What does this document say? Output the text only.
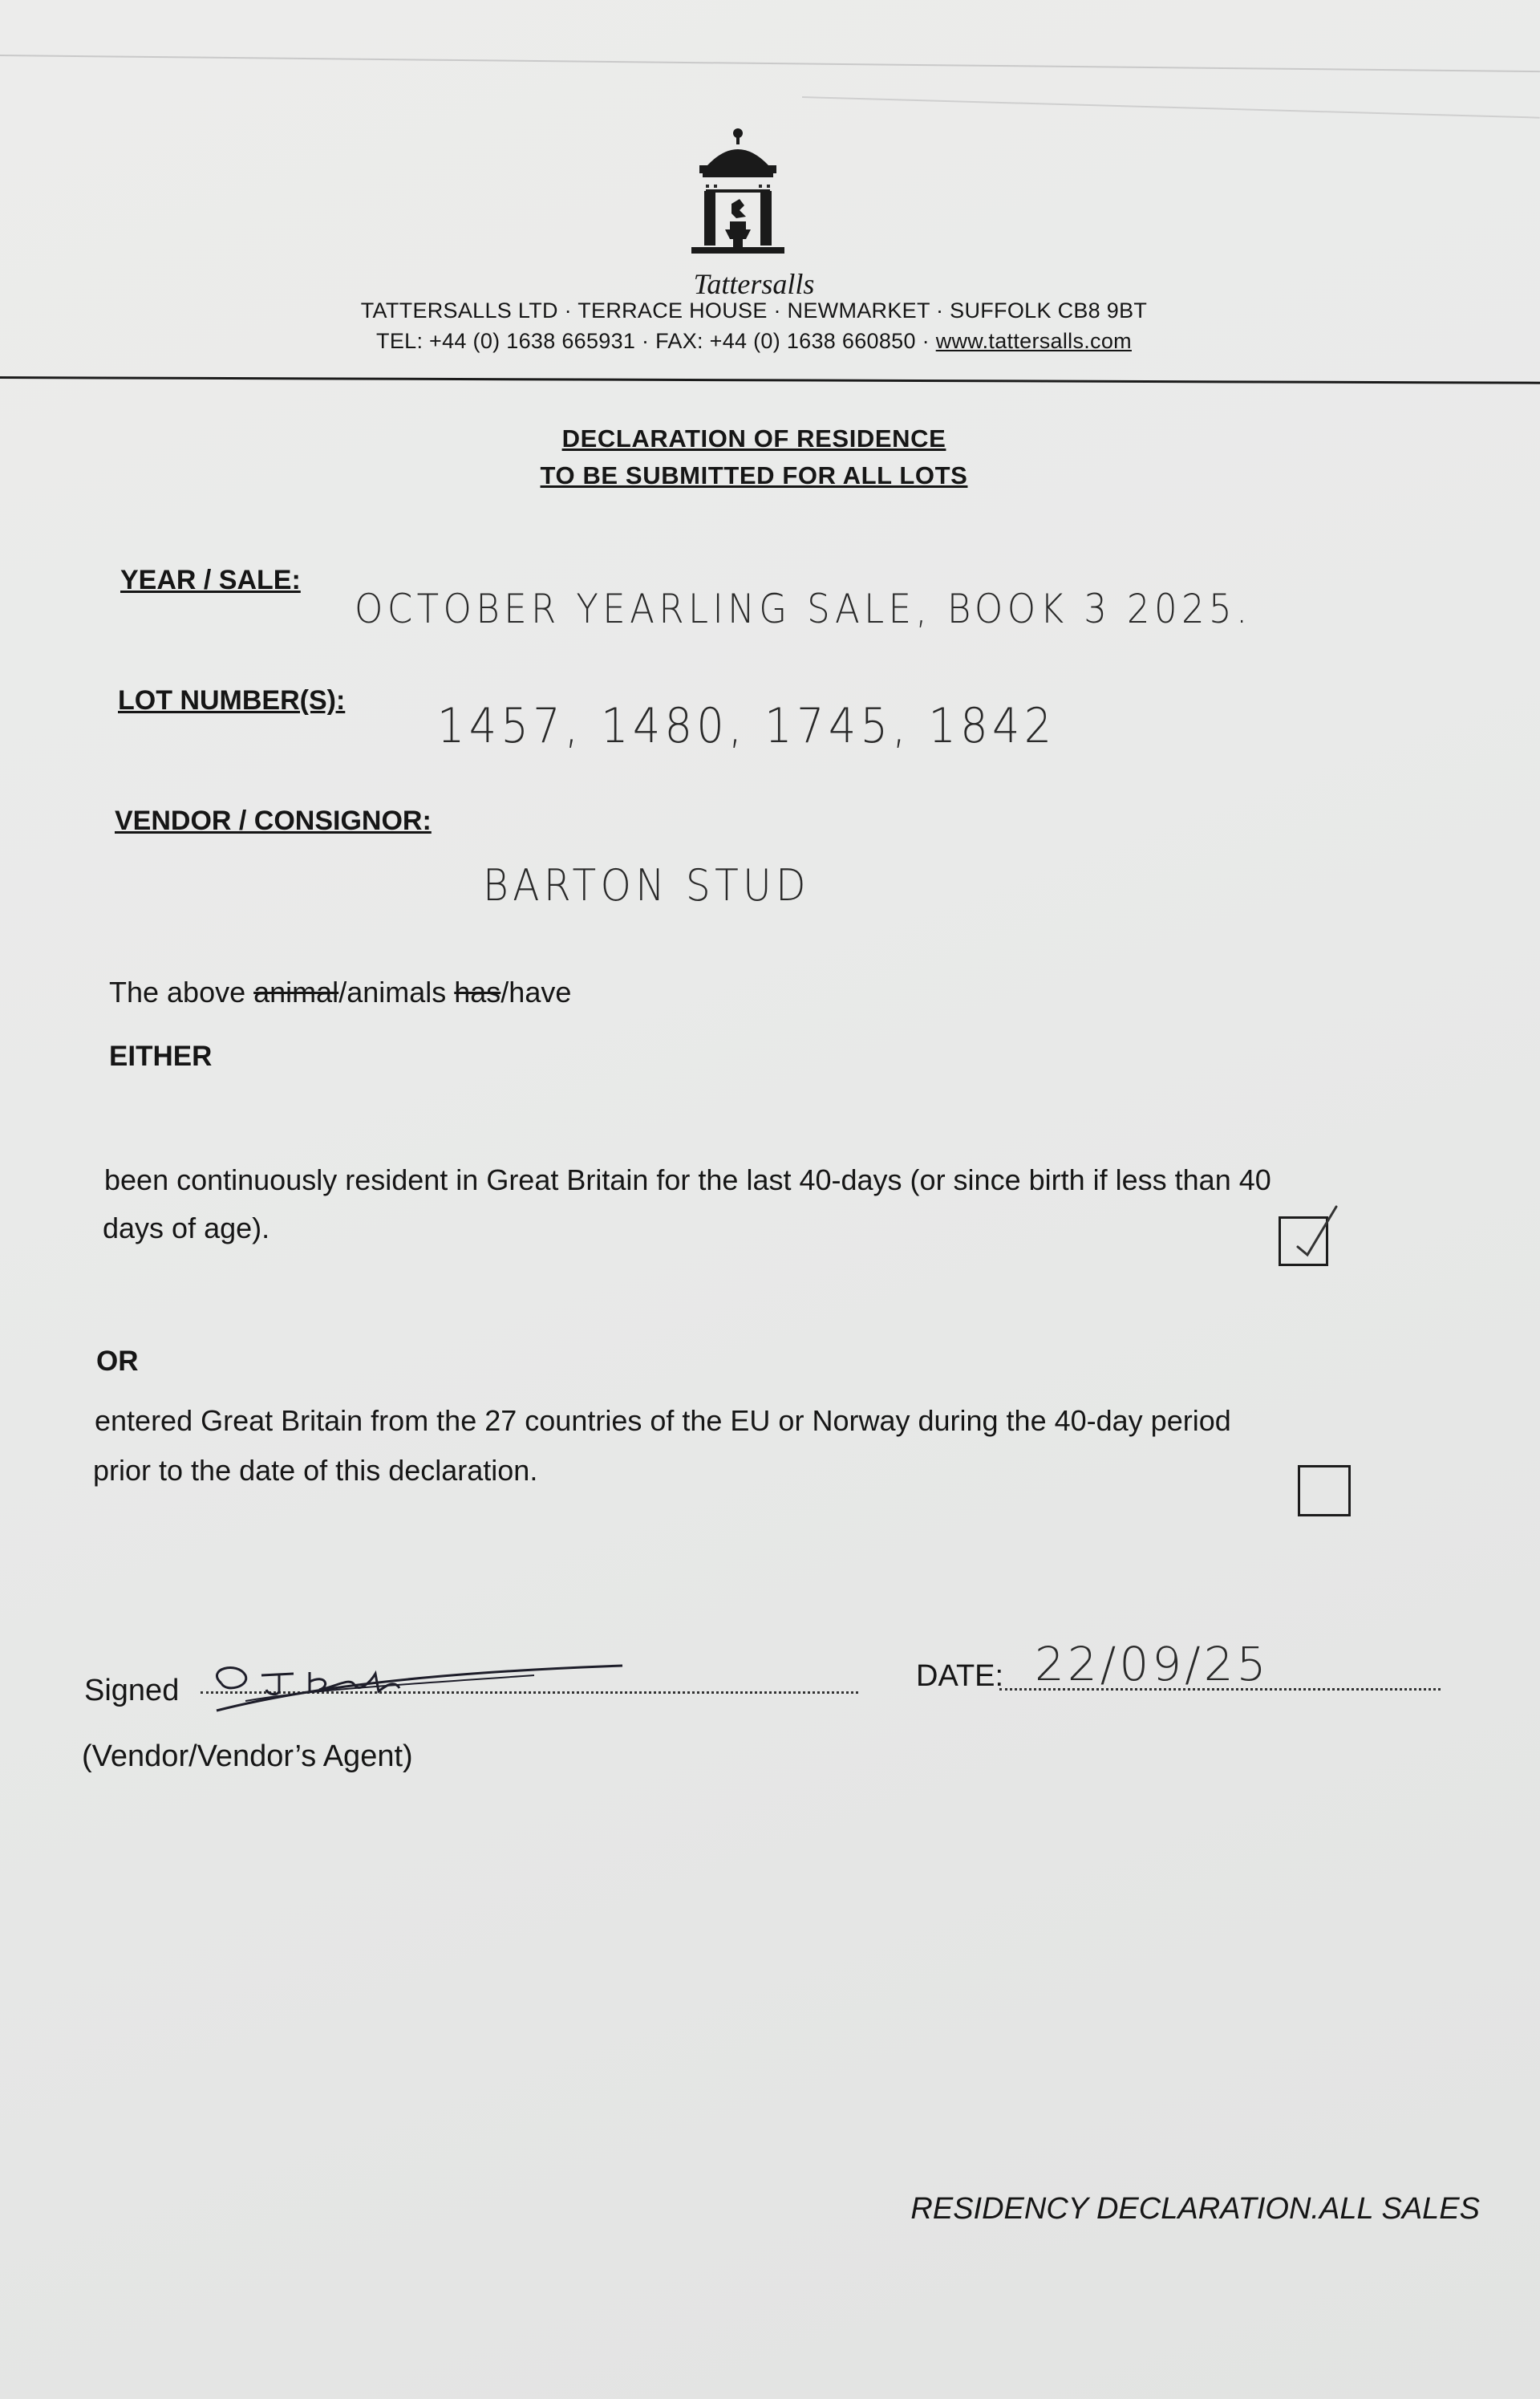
Tattersalls
TATTERSALLS LTD · TERRACE HOUSE · NEWMARKET · SUFFOLK CB8 9BT
TEL: +44 (0) 1638 665931 · FAX: +44 (0) 1638 660850 · www.tattersalls.com
DECLARATION OF RESIDENCE
TO BE SUBMITTED FOR ALL LOTS
YEAR / SALE:
OCTOBER YEARLING SALE, BOOK 3 2025.
LOT NUMBER(S): 1457, 1480, 1745, 1842
VENDOR / CONSIGNOR:
BARTON STUD
The above animal/animals has/have
EITHER
been continuously resident in Great Britain for the last 40-days (or since birth if less than 40
days of age).
OR
entered Great Britain from the 27 countries of the EU or Norway during the 40-day period
prior to the date of this declaration.
Signed	DATE: 22/09/25
(Vendor/Vendor’s Agent)
RESIDENCY DECLARATION.ALL SALES
